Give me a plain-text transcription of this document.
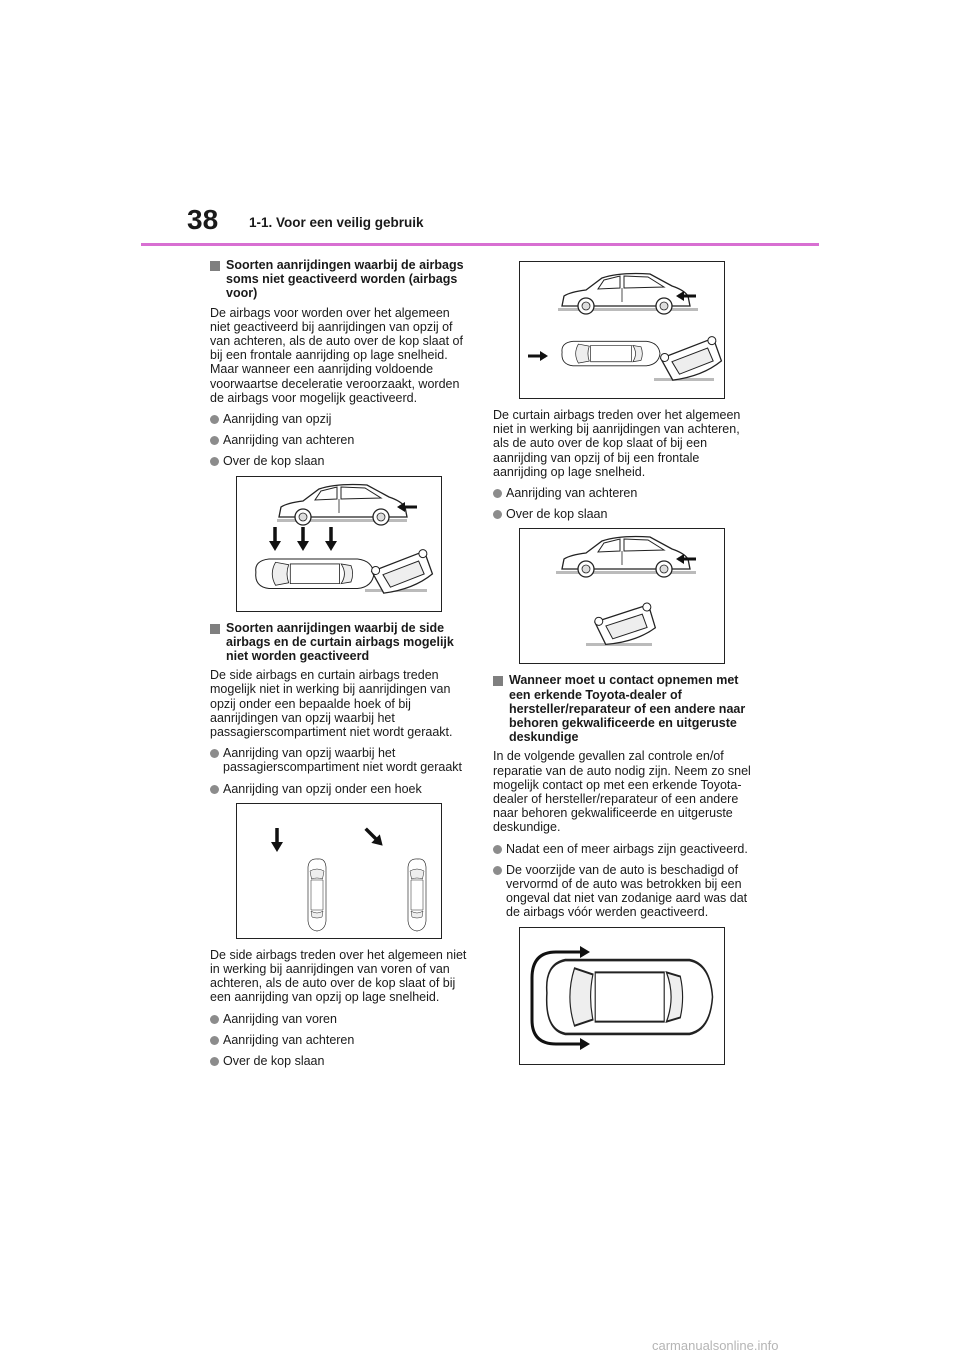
38 1-1. Voor een veilig gebruik
Soorten aanrijdingen waarbij de airbags soms niet geactiveerd worden (airbags voor)
De airbags voor worden over het algemeen niet geactiveerd bij aanrijdingen van opzij of van achteren, als de auto over de kop slaat of bij een frontale aanrijding op lage snelheid. Maar wanneer een aanrijding voldoende voorwaartse deceleratie veroorzaakt, worden de airbags voor mogelijk geactiveerd.
Aanrijding van opzij
Aanrijding van achteren
Over de kop slaan
Soorten aanrijdingen waarbij de side airbags en de curtain airbags mogelijk niet worden geactiveerd
De side airbags en curtain airbags treden mogelijk niet in werking bij aanrijdingen van opzij onder een bepaalde hoek of bij aanrijdingen van opzij waarbij het passagierscompartiment niet wordt geraakt.
Aanrijding van opzij waarbij het passagierscompartiment niet wordt geraakt
Aanrijding van opzij onder een hoek
De side airbags treden over het algemeen niet in werking bij aanrijdingen van voren of van achteren, als de auto over de kop slaat of bij een aanrijding van opzij op lage snelheid.
Aanrijding van voren
Aanrijding van achteren
Over de kop slaan
De curtain airbags treden over het algemeen niet in werking bij aanrijdingen van achteren, als de auto over de kop slaat of bij een aanrijding van opzij of bij een frontale aanrijding op lage snelheid.
Aanrijding van achteren
Over de kop slaan
Wanneer moet u contact opnemen met een erkende Toyota-dealer of hersteller/reparateur of een andere naar behoren gekwalificeerde en uitgeruste deskundige
In de volgende gevallen zal controle en/of reparatie van de auto nodig zijn. Neem zo snel mogelijk contact op met een erkende Toyota-dealer of hersteller/reparateur of een andere naar behoren gekwalificeerde en uitgeruste deskundige.
Nadat een of meer airbags zijn geactiveerd.
De voorzijde van de auto is beschadigd of vervormd of de auto was betrokken bij een ongeval dat niet van zodanige aard was dat de airbags vóór werden geactiveerd.
carmanualsonline.info
